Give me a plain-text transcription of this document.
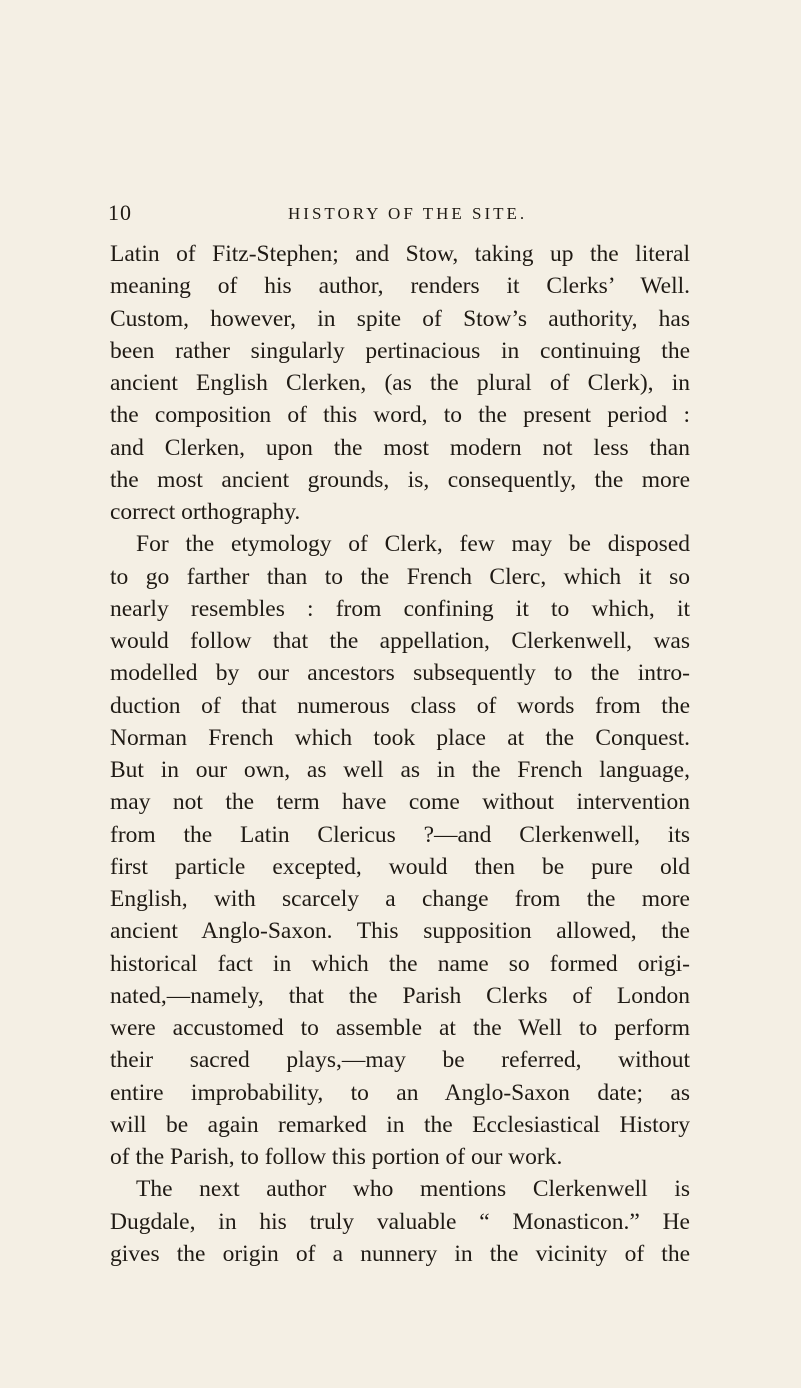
10	HISTORY OF THE SITE.
Latin of Fitz-Stephen; and Stow, taking up the literal
meaning of his author, renders it Clerks’ Well.
Custom, however, in spite of Stow’s authority, has
been rather singularly pertinacious in continuing the
ancient English Clerken, (as the plural of Clerk), in
the composition of this word, to the present period :
and Clerken, upon the most modern not less than
the most ancient grounds, is, consequently, the more
correct orthography.
For the etymology of Clerk, few may be disposed
to go farther than to the French Clerc, which it so
nearly resembles : from confining it to which, it
would follow that the appellation, Clerkenwell, was
modelled by our ancestors subsequently to the intro-
duction of that numerous class of words from the
Norman French which took place at the Conquest.
But in our own, as well as in the French language,
may not the term have come without intervention
from the Latin Clericus ?—and Clerkenwell, its
first particle excepted, would then be pure old
English, with scarcely a change from the more
ancient Anglo-Saxon. This supposition allowed, the
historical fact in which the name so formed origi-
nated,—namely, that the Parish Clerks of London
were accustomed to assemble at the Well to perform
their sacred plays,—may be referred, without
entire improbability, to an Anglo-Saxon date; as
will be again remarked in the Ecclesiastical History
of the Parish, to follow this portion of our work.
The next author who mentions Clerkenwell is
Dugdale, in his truly valuable “ Monasticon.” He
gives the origin of a nunnery in the vicinity of the
